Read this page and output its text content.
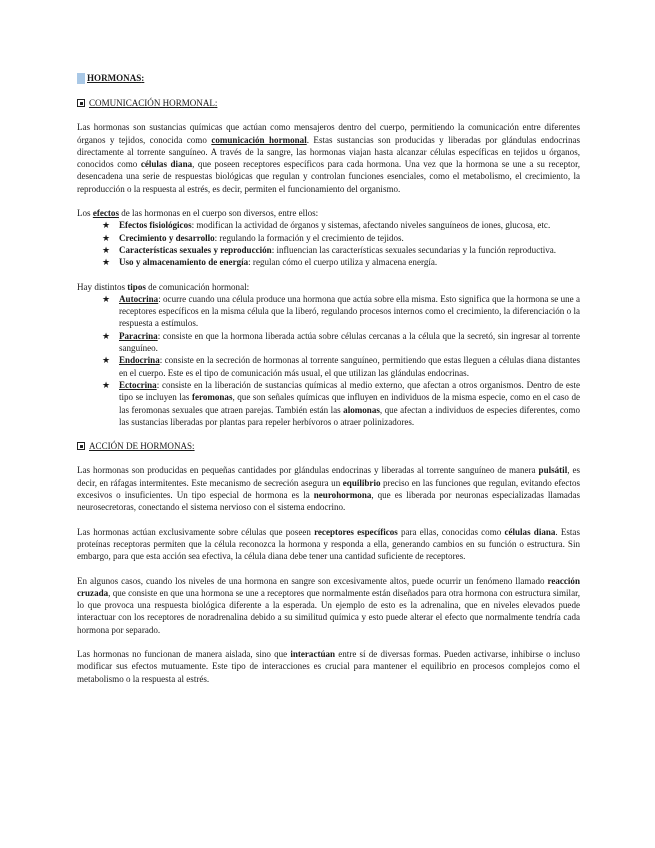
HORMONAS :
COMUNICACIÓN HORMONAL :

Las hormonas son sustancias químicas que actúan como mensajeros dentro del cuerpo, permitiendo la comunicación entre diferentes órganos y tejidos, conocida como comunicación hormonal. Estas sustancias son producidas y liberadas por glándulas endocrinas directamente al torrente sanguíneo. A través de la sangre, las hormonas viajan hasta alcanzar células específicas en tejidos u órganos, conocidos como células diana, que poseen receptores específicos para cada hormona. Una vez que la hormona se une a su receptor, desencadena una serie de respuestas biológicas que regulan y controlan funciones esenciales, como el metabolismo, el crecimiento, la reproducción o la respuesta al estrés, es decir, permiten el funcionamiento del organismo.

Los efectos de las hormonas en el cuerpo son diversos, entre ellos:

★ Efectos fisiológicos: modifican la actividad de órganos y sistemas, afectando niveles sanguíneos de iones, glucosa, etc.
★ Crecimiento y desarrollo: regulando la formación y el crecimiento de tejidos.
★ Características sexuales y reproducción: influencian las características sexuales secundarias y la función reproductiva.
★ Uso y almacenamiento de energía: regulan cómo el cuerpo utiliza y almacena energía.

Hay distintos tipos de comunicación hormonal:

★ Autocrina: ocurre cuando una célula produce una hormona que actúa sobre ella misma. Esto significa que la hormona se une a receptores específicos en la misma célula que la liberó, regulando procesos internos como el crecimiento, la diferenciación o la respuesta a estímulos.
★ Paracrina: consiste en que la hormona liberada actúa sobre células cercanas a la célula que la secretó, sin ingresar al torrente sanguíneo.
★ Endocrina: consiste en la secreción de hormonas al torrente sanguíneo, permitiendo que estas lleguen a células diana distantes en el cuerpo. Este es el tipo de comunicación más usual, el que utilizan las glándulas endocrinas.
★ Ectocrina: consiste en la liberación de sustancias químicas al medio externo, que afectan a otros organismos. Dentro de este tipo se incluyen las feromonas, que son señales químicas que influyen en individuos de la misma especie, como en el caso de las feromonas sexuales que atraen parejas. También están las alomonas, que afectan a individuos de especies diferentes, como las sustancias liberadas por plantas para repeler herbívoros o atraer polinizadores.
ACCIÓN DE HORMONAS :

Las hormonas son producidas en pequeñas cantidades por glándulas endocrinas y liberadas al torrente sanguíneo de manera pulsátil, es decir, en ráfagas intermitentes. Este mecanismo de secreción asegura un equilibrio preciso en las funciones que regulan, evitando efectos excesivos o insuficientes. Un tipo especial de hormona es la neurohormona, que es liberada por neuronas especializadas llamadas neurosecretoras, conectando el sistema nervioso con el sistema endocrino.

Las hormonas actúan exclusivamente sobre células que poseen receptores específicos para ellas, conocidas como células diana. Estas proteínas receptoras permiten que la célula reconozca la hormona y responda a ella, generando cambios en su función o estructura. Sin embargo, para que esta acción sea efectiva, la célula diana debe tener una cantidad suficiente de receptores.

En algunos casos, cuando los niveles de una hormona en sangre son excesivamente altos, puede ocurrir un fenómeno llamado reacción cruzada, que consiste en que una hormona se une a receptores que normalmente están diseñados para otra hormona con estructura similar, lo que provoca una respuesta biológica diferente a la esperada. Un ejemplo de esto es la adrenalina, que en niveles elevados puede interactuar con los receptores de noradrenalina debido a su similitud química y esto puede alterar el efecto que normalmente tendría cada hormona por separado.

Las hormonas no funcionan de manera aislada, sino que interactúan entre sí de diversas formas. Pueden activarse, inhibirse o incluso modificar sus efectos mutuamente. Este tipo de interacciones es crucial para mantener el equilibrio en procesos complejos como el metabolismo o la respuesta al estrés.
